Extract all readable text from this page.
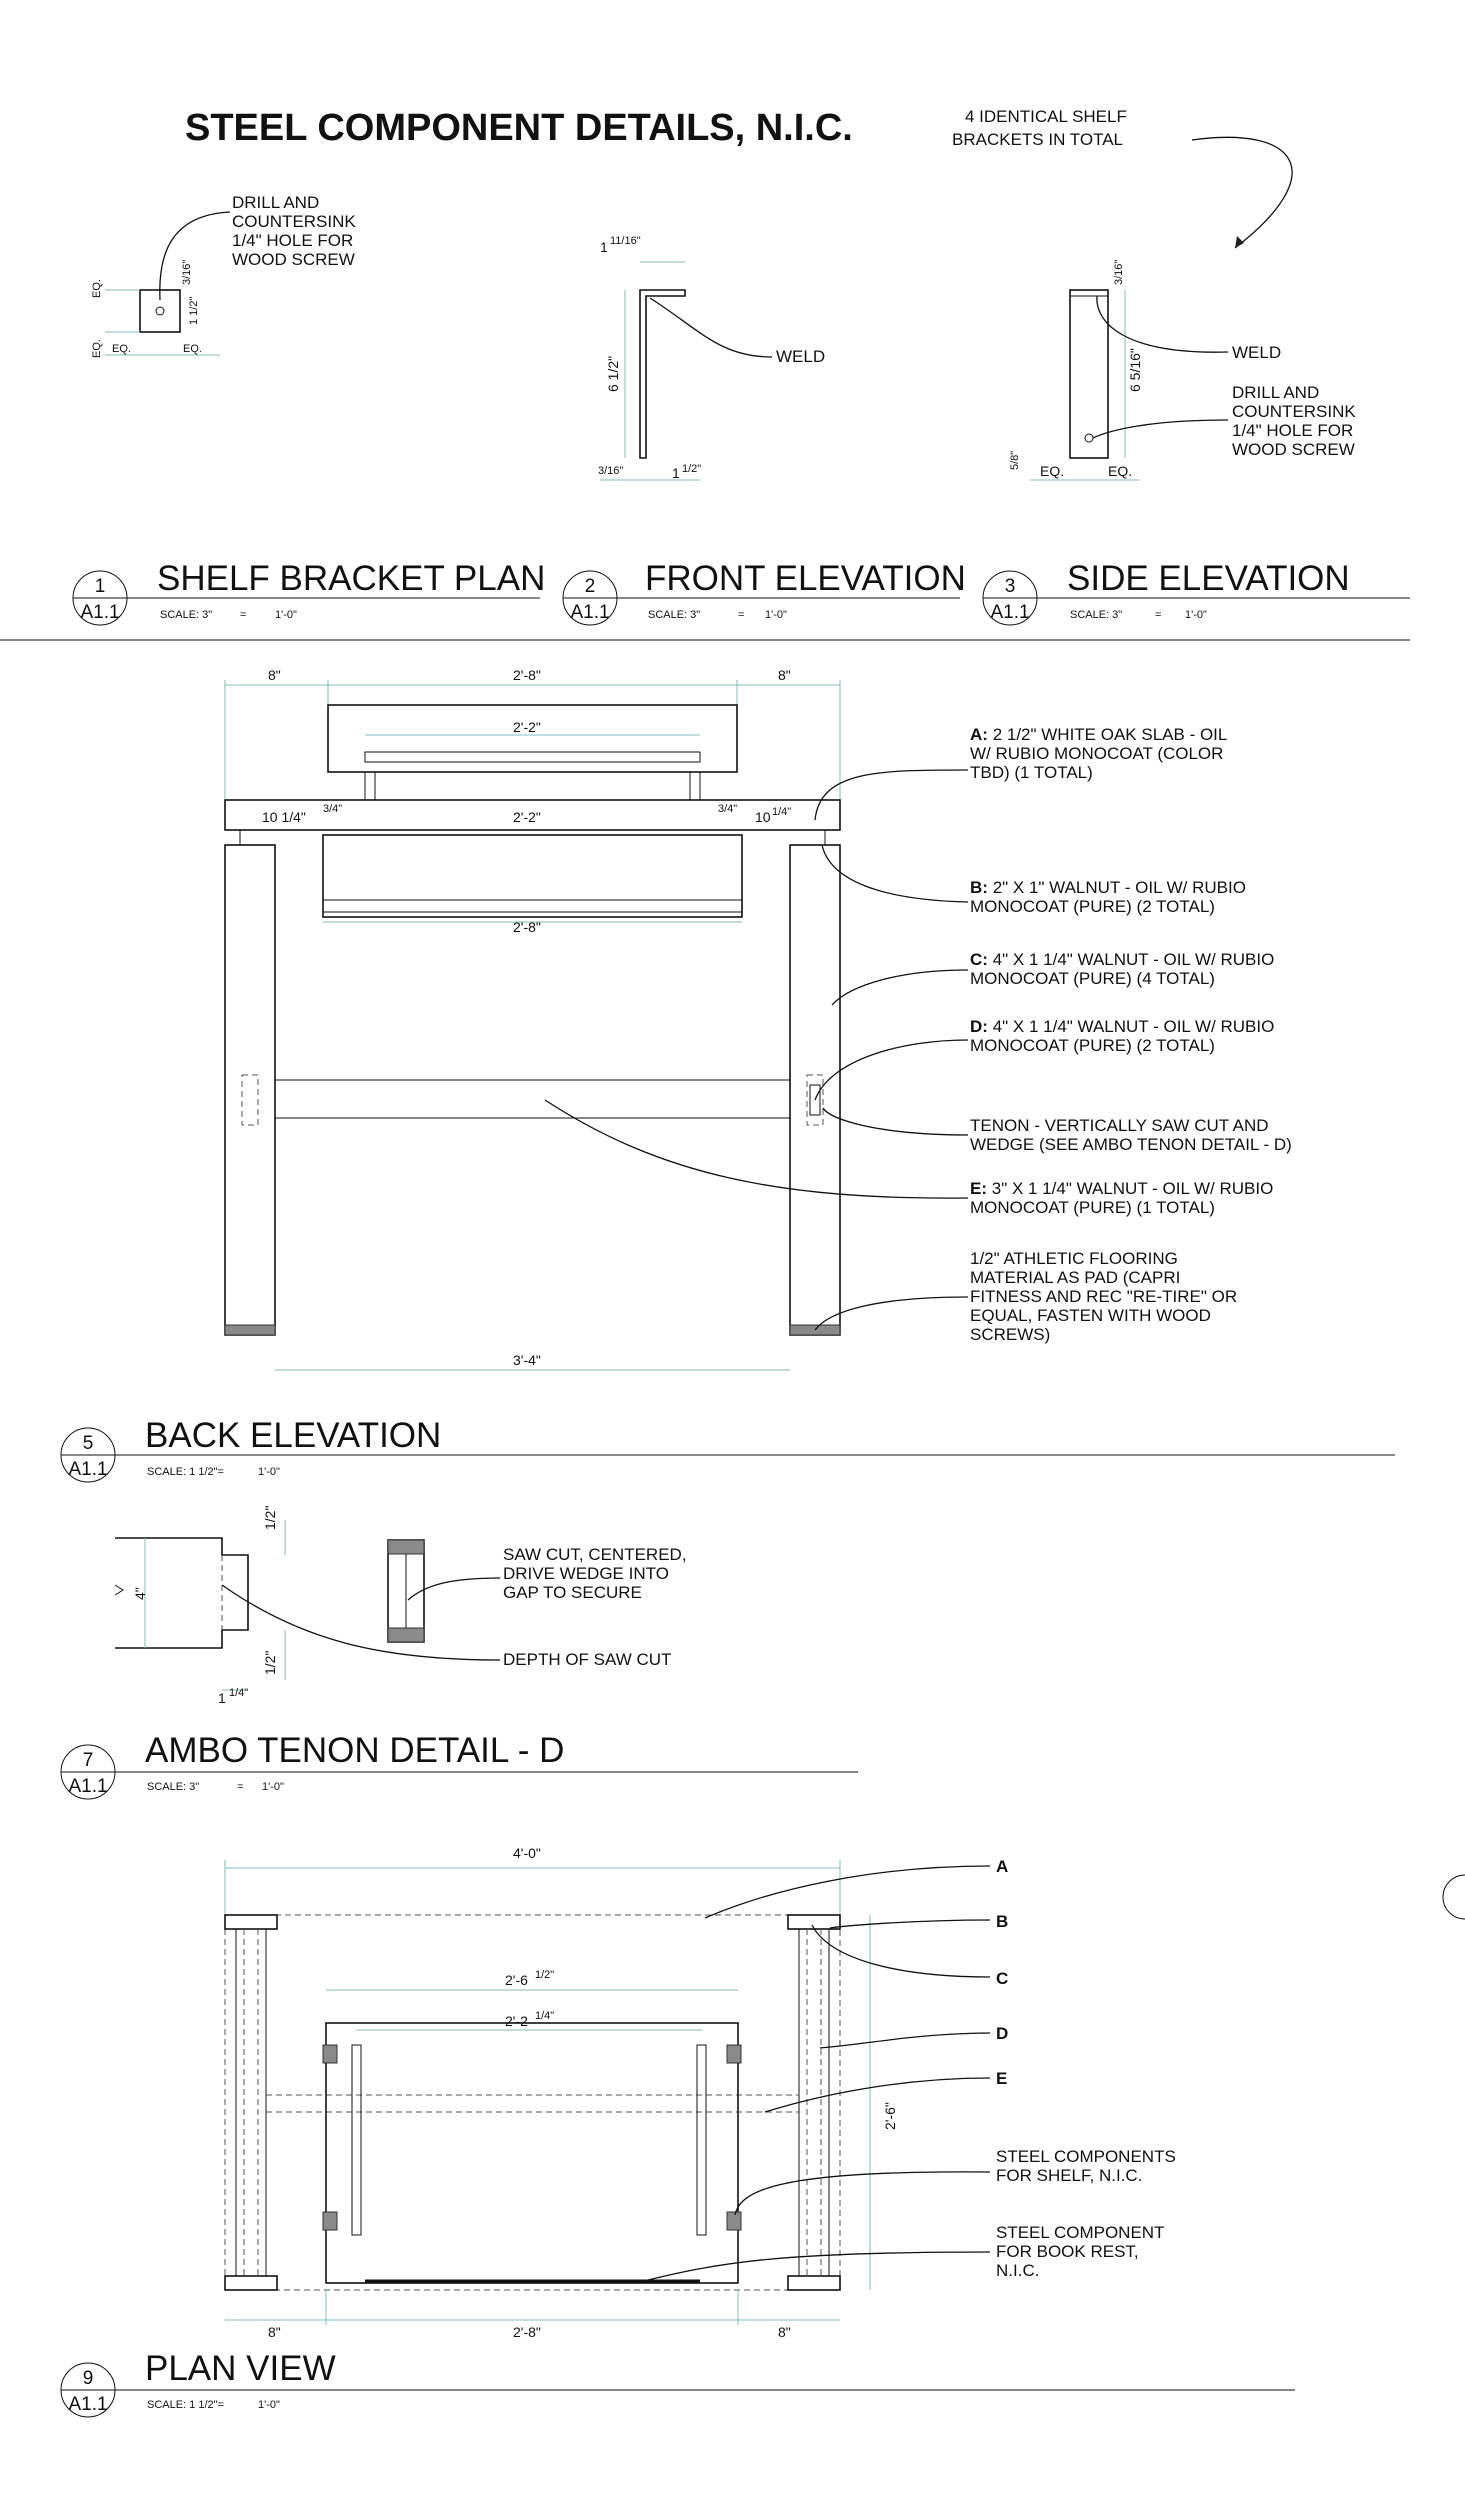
STEEL COMPONENT DETAILS, N.I.C.	4 IDENTICAL SHELF
BRACKETS IN TOTAL
DRILL AND
COUNTERSINK
1/4" HOLE FOR
WOOD SCREW
EQ.
EQ. EQ.	EQ.
3/16"
1 1/2"
1 11/16"
6 1/2"
3/16"	1 1/2"
WELD
3/16"
6 5/16"
5/8"
EQ.	EQ.
WELD
DRILL AND
COUNTERSINK
1/4" HOLE FOR
WOOD SCREW
1
A1.1
SHELF BRACKET PLAN
SCALE: 3"	=	1'-0"
2
A1.1
FRONT ELEVATION
SCALE: 3"	= 1'-0"
3
A1.1
SIDE ELEVATION
SCALE: 3"	= 1'-0"
8"	2'-8"	8"
2'-2"
10 1/4" 3/4"	2'-2"	3/4" 10 1/4"
2'-8"
3'-4"
A: 2 1/2" WHITE OAK SLAB - OIL
W/ RUBIO MONOCOAT (COLOR
TBD) (1 TOTAL)
B: 2" X 1" WALNUT - OIL W/ RUBIO
MONOCOAT (PURE) (2 TOTAL)
C: 4" X 1 1/4" WALNUT - OIL W/ RUBIO
MONOCOAT (PURE) (4 TOTAL)
D: 4" X 1 1/4" WALNUT - OIL W/ RUBIO
MONOCOAT (PURE) (2 TOTAL)
TENON - VERTICALLY SAW CUT AND
WEDGE (SEE AMBO TENON DETAIL - D)
E: 3" X 1 1/4" WALNUT - OIL W/ RUBIO
MONOCOAT (PURE) (1 TOTAL)
1/2" ATHLETIC FLOORING
MATERIAL AS PAD (CAPRI
FITNESS AND REC "RE-TIRE" OR
EQUAL, FASTEN WITH WOOD
SCREWS)
5
A1.1
BACK ELEVATION
SCALE: 1 1/2"=	1'-0"
4"
1/2"
1/2"
1 1/4"
SAW CUT, CENTERED,
DRIVE WEDGE INTO
GAP TO SECURE
DEPTH OF SAW CUT
7
A1.1
AMBO TENON DETAIL - D
SCALE: 3"	= 1'-0"
4'-0"
2'-6 1/2"
2'-2 1/4"
2'-6"
8"	2'-8"	8"
A
B
C
D
E
STEEL COMPONENTS
FOR SHELF, N.I.C.
STEEL COMPONENT
FOR BOOK REST,
N.I.C.
9
A1.1
PLAN VIEW
SCALE: 1 1/2"=	1'-0"
